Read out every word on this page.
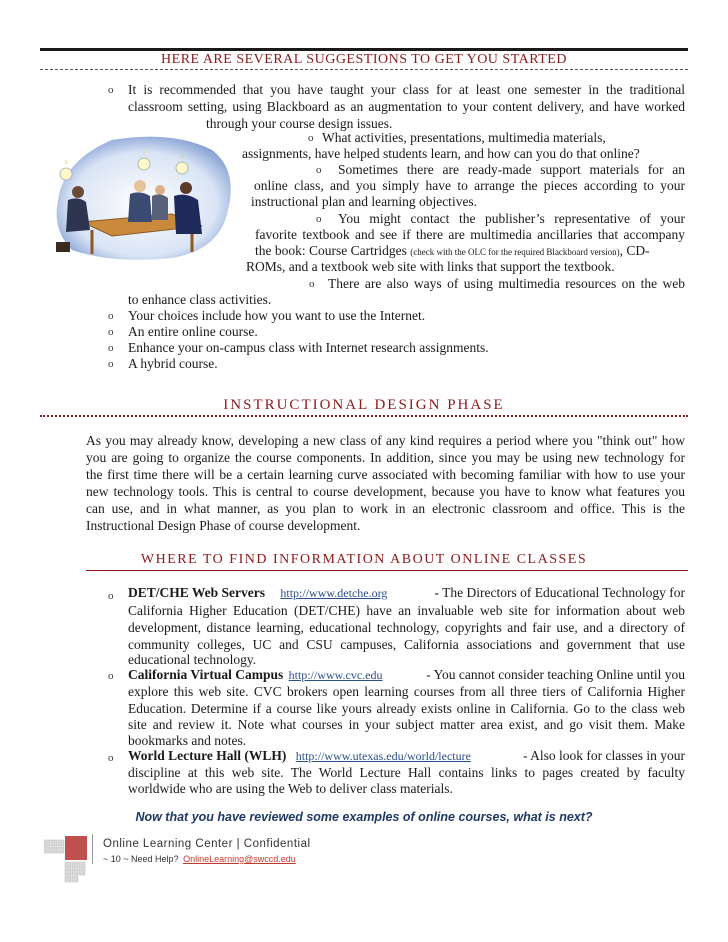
HERE ARE SEVERAL SUGGESTIONS TO GET YOU STARTED
o It is recommended that you have taught your class for at least one semester in the traditional
classroom setting, using Blackboard as an augmentation to your content delivery, and have worked
through your course design issues.
o What activities, presentations, multimedia materials,
assignments, have helped students learn, and how can you do that online?
o Sometimes there are ready-made support materials for an
online class, and you simply have to arrange the pieces according to your
instructional plan and learning objectives.
o You might contact the publisher’s representative of your
favorite textbook and see if there are multimedia ancillaries that accompany
the book: Course Cartridges (check with the OLC for the required Blackboard version), CD-
ROMs, and a textbook web site with links that support the textbook.
o There are also ways of using multimedia resources on the web
to enhance class activities.
o Your choices include how you want to use the Internet.
o An entire online course.
o Enhance your on-campus class with Internet research assignments.
o A hybrid course.
INSTRUCTIONAL DESIGN PHASE
As you may already know, developing a new class of any kind requires a period where you "think out" how
you are going to organize the course components. In addition, since you may be using new technology for
the first time there will be a certain learning curve associated with becoming familiar with how to use your
new technology tools. This is central to course development, because you have to know what features you
can use, and in what manner, as you plan to work in an electronic classroom and office. This is the
Instructional Design Phase of course development.
WHERE TO FIND INFORMATION ABOUT ONLINE CLASSES
o DET/CHE Web Servers http://www.detche.org	- The Directors of Educational Technology for
California Higher Education (DET/CHE) have an invaluable web site for information about web
development, distance learning, educational technology, copyrights and fair use, and a directory of
community colleges, UC and CSU campuses, California associations and government that use
educational technology.
o California Virtual Campus http://www.cvc.edu	- You cannot consider teaching Online until you
explore this web site. CVC brokers open learning courses from all three tiers of California Higher
Education. Determine if a course like yours already exists online in California. Go to the class web
site and review it. Note what courses in your subject matter area exist, and go visit them. Make
bookmarks and notes.
o World Lecture Hall (WLH) http://www.utexas.edu/world/lecture	- Also look for classes in your
discipline at this web site. The World Lecture Hall contains links to pages created by faculty
worldwide who are using the Web to deliver class materials.
Now that you have reviewed some examples of online courses, what is next?
Online Learning Center | Confidential
~ 10 ~ Need Help? OnlineLearning@swccd.edu
